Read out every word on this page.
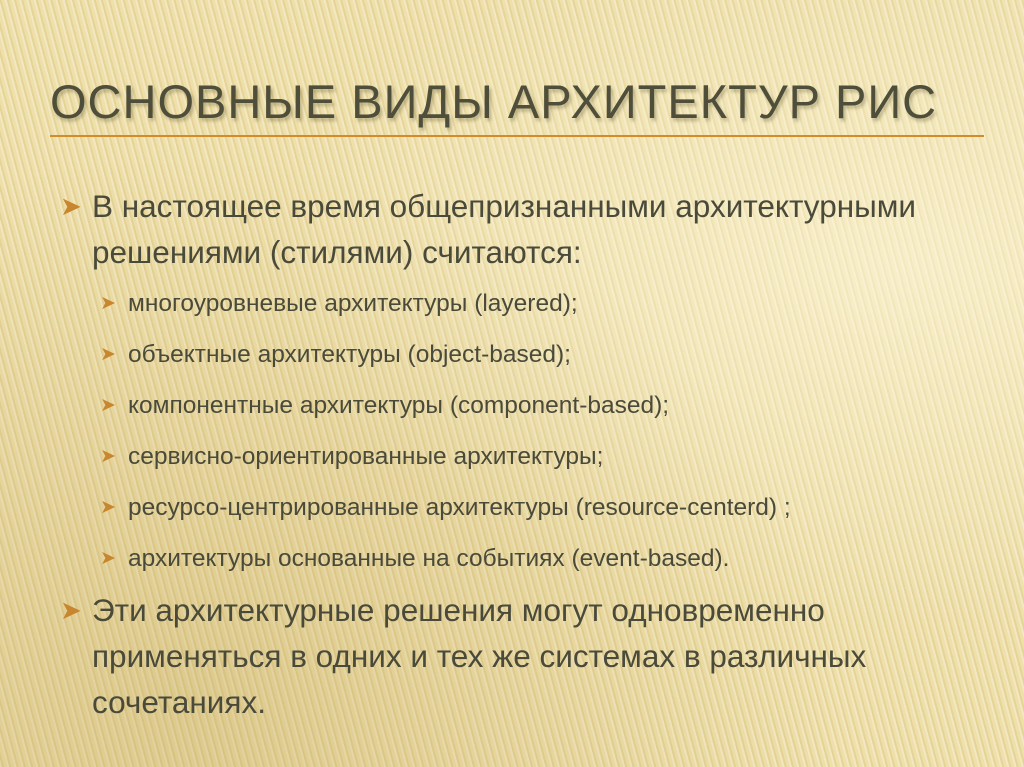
ОСНОВНЫЕ ВИДЫ АРХИТЕКТУР РИС
➤ В настоящее время общепризнанными архитектурными решениями (стилями) считаются:
➤ многоуровневые архитектуры (layered);
➤ объектные архитектуры (object-based);
➤ компонентные архитектуры (component-based);
➤ сервисно-ориентированные архитектуры;
➤ ресурсо-центрированные архитектуры (resource-centerd) ;
➤ архитектуры основанные на событиях (event-based).
➤ Эти архитектурные решения могут одновременно применяться в одних и тех же системах в различных сочетаниях.
